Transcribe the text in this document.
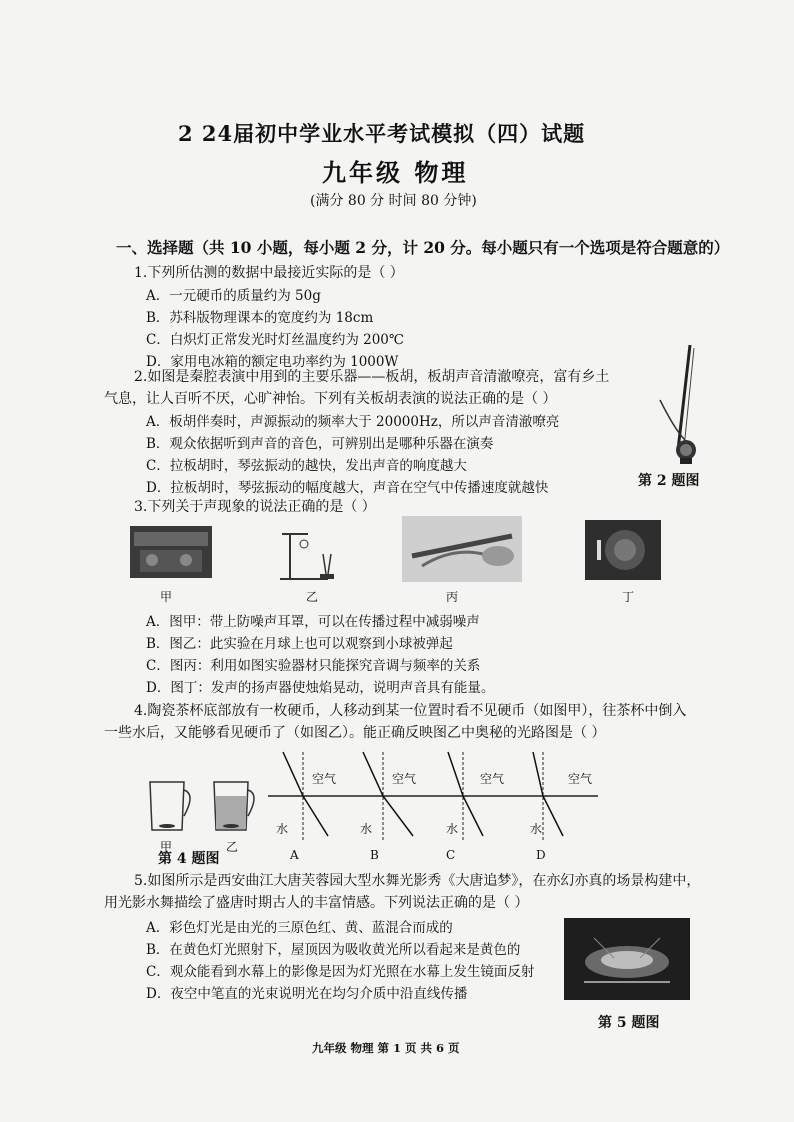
2 24届初中学业水平考试模拟（四）试题
九年级 物理
(满分 80 分 时间 80 分钟)
一、选择题（共 10 小题，每小题 2 分，计 20 分。每小题只有一个选项是符合题意的）
1.下列所估测的数据中最接近实际的是（ ）
A．一元硬币的质量约为 50g
B．苏科版物理课本的宽度约为 18cm
C．白炽灯正常发光时灯丝温度约为 200℃
D．家用电冰箱的额定电功率约为 1000W
2.如图是秦腔表演中用到的主要乐器——板胡，板胡声音清澈嘹亮，富有乡土
气息，让人百听不厌，心旷神怡。下列有关板胡表演的说法正确的是（ ）
A．板胡伴奏时，声源振动的频率大于 20000Hz，所以声音清澈嘹亮
B．观众依据听到声音的音色，可辨别出是哪种乐器在演奏
C．拉板胡时，琴弦振动的越快，发出声音的响度越大
D．拉板胡时，琴弦振动的幅度越大，声音在空气中传播速度就越快	第 2 题图
3.下列关于声现象的说法正确的是（ ）
甲	乙	丙	丁
A．图甲：带上防噪声耳罩，可以在传播过程中减弱噪声
B．图乙：此实验在月球上也可以观察到小球被弹起
C．图丙：利用如图实验器材只能探究音调与频率的关系
D．图丁：发声的扬声器使烛焰晃动，说明声音具有能量。
4.陶瓷茶杯底部放有一枚硬币，人移动到某一位置时看不见硬币（如图甲），往茶杯中倒入
一些水后，又能够看见硬币了（如图乙）。能正确反映图乙中奥秘的光路图是（ ）
甲	乙
空气	空气	空气	空气
水	水	水	水
第 4 题图	A	B	C	D
5.如图所示是西安曲江大唐芙蓉园大型水舞光影秀《大唐追梦》，在亦幻亦真的场景构建中，
用光影水舞描绘了盛唐时期古人的丰富情感。下列说法正确的是（ ）
A．彩色灯光是由光的三原色红、黄、蓝混合而成的
B．在黄色灯光照射下，屋顶因为吸收黄光所以看起来是黄色的
C．观众能看到水幕上的影像是因为灯光照在水幕上发生镜面反射
D．夜空中笔直的光束说明光在均匀介质中沿直线传播
第 5 题图
九年级 物理 第 1 页 共 6 页
